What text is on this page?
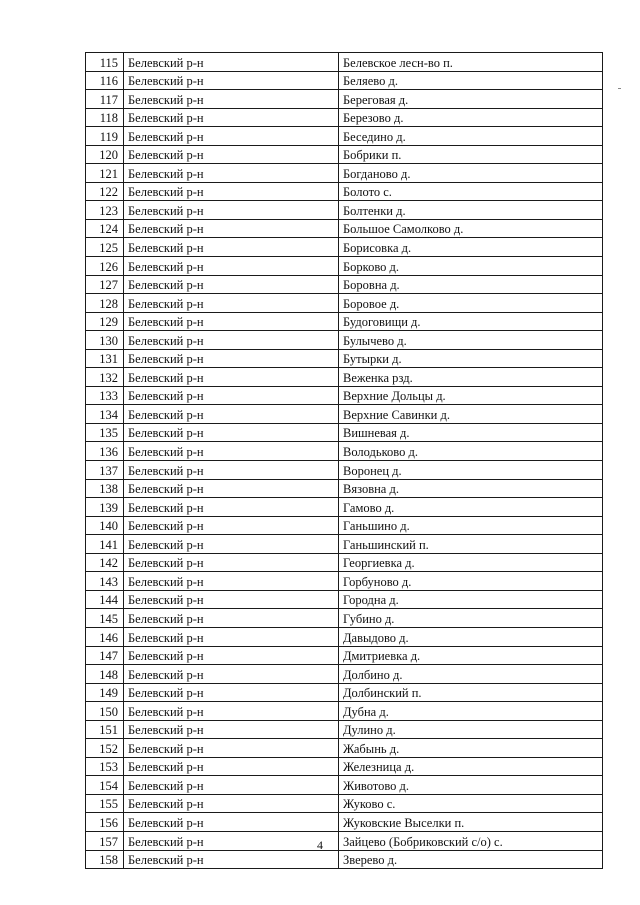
115	Белевский р-н	Белевское лесн-во п.
116	Белевский р-н	Беляево д.
117	Белевский р-н	Береговая д.
118	Белевский р-н	Березово д.
119	Белевский р-н	Беседино д.
120	Белевский р-н	Бобрики п.
121	Белевский р-н	Богданово д.
122	Белевский р-н	Болото с.
123	Белевский р-н	Болтенки д.
124	Белевский р-н	Большое Самолково д.
125	Белевский р-н	Борисовка д.
126	Белевский р-н	Борково д.
127	Белевский р-н	Боровна д.
128	Белевский р-н	Боровое д.
129	Белевский р-н	Будоговищи д.
130	Белевский р-н	Булычево д.
131	Белевский р-н	Бутырки д.
132	Белевский р-н	Веженка рзд.
133	Белевский р-н	Верхние Дольцы д.
134	Белевский р-н	Верхние Савинки д.
135	Белевский р-н	Вишневая д.
136	Белевский р-н	Володьково д.
137	Белевский р-н	Воронец д.
138	Белевский р-н	Вязовна д.
139	Белевский р-н	Гамово д.
140	Белевский р-н	Ганьшино д.
141	Белевский р-н	Ганьшинский п.
142	Белевский р-н	Георгиевка д.
143	Белевский р-н	Горбуново д.
144	Белевский р-н	Городна д.
145	Белевский р-н	Губино д.
146	Белевский р-н	Давыдово д.
147	Белевский р-н	Дмитриевка д.
148	Белевский р-н	Долбино д.
149	Белевский р-н	Долбинский п.
150	Белевский р-н	Дубна д.
151	Белевский р-н	Дулино д.
152	Белевский р-н	Жабынь д.
153	Белевский р-н	Железница д.
154	Белевский р-н	Животово д.
155	Белевский р-н	Жуково с.
156	Белевский р-н	Жуковские Выселки п.
157	Белевский р-н	Зайцево (Бобриковский с/о) с.
158	Белевский р-н	Зверево д.
4
